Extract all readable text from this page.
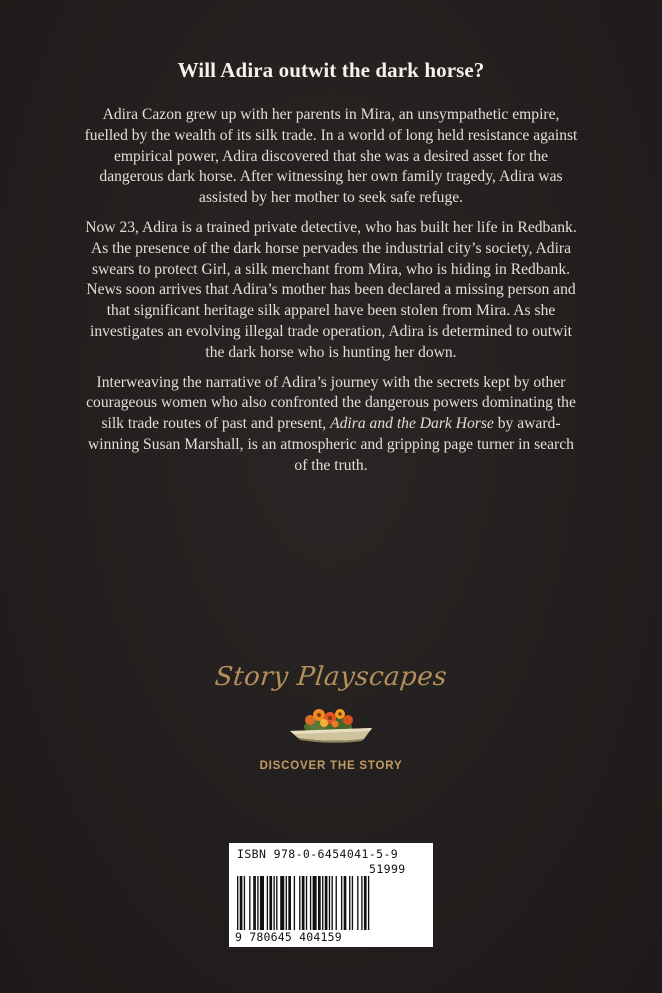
Will Adira outwit the dark horse?

Adira Cazon grew up with her parents in Mira, an unsympathetic empire, fuelled by the wealth of its silk trade. In a world of long held resistance against empirical power, Adira discovered that she was a desired asset for the dangerous dark horse. After witnessing her own family tragedy, Adira was assisted by her mother to seek safe refuge.

Now 23, Adira is a trained private detective, who has built her life in Redbank. As the presence of the dark horse pervades the industrial city’s society, Adira swears to protect Girl, a silk merchant from Mira, who is hiding in Redbank. News soon arrives that Adira’s mother has been declared a missing person and that significant heritage silk apparel have been stolen from Mira. As she investigates an evolving illegal trade operation, Adira is determined to outwit the dark horse who is hunting her down.

Interweaving the narrative of Adira’s journey with the secrets kept by other courageous women who also confronted the dangerous powers dominating the silk trade routes of past and present, Adira and the Dark Horse by award-winning Susan Marshall, is an atmospheric and gripping page turner in search of the truth.

Story Playscapes
DISCOVER THE STORY
ISBN 978-0-6454041-5-9
51999
9 780645 404159
